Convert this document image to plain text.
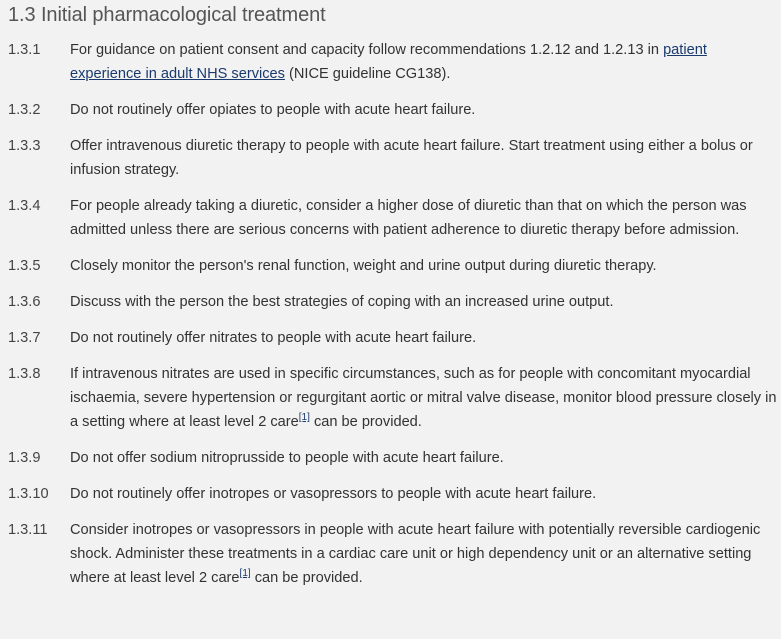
1.3 Initial pharmacological treatment
1.3.1	For guidance on patient consent and capacity follow recommendations 1.2.12 and 1.2.13 in patient experience in adult NHS services (NICE guideline CG138).
1.3.2	Do not routinely offer opiates to people with acute heart failure.
1.3.3	Offer intravenous diuretic therapy to people with acute heart failure. Start treatment using either a bolus or infusion strategy.
1.3.4	For people already taking a diuretic, consider a higher dose of diuretic than that on which the person was admitted unless there are serious concerns with patient adherence to diuretic therapy before admission.
1.3.5	Closely monitor the person's renal function, weight and urine output during diuretic therapy.
1.3.6	Discuss with the person the best strategies of coping with an increased urine output.
1.3.7	Do not routinely offer nitrates to people with acute heart failure.
1.3.8	If intravenous nitrates are used in specific circumstances, such as for people with concomitant myocardial ischaemia, severe hypertension or regurgitant aortic or mitral valve disease, monitor blood pressure closely in a setting where at least level 2 care[1] can be provided.
1.3.9	Do not offer sodium nitroprusside to people with acute heart failure.
1.3.10	Do not routinely offer inotropes or vasopressors to people with acute heart failure.
1.3.11	Consider inotropes or vasopressors in people with acute heart failure with potentially reversible cardiogenic shock. Administer these treatments in a cardiac care unit or high dependency unit or an alternative setting where at least level 2 care[1] can be provided.
